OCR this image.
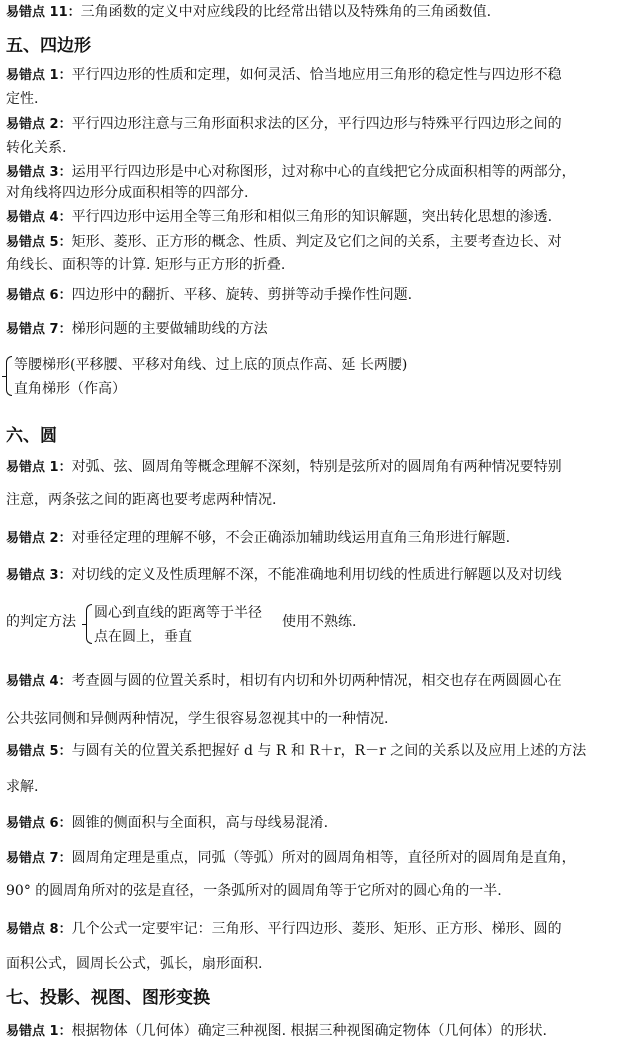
易错点 11：三角函数的定义中对应线段的比经常出错以及特殊角的三角函数值.
五、四边形
易错点 1：平行四边形的性质和定理，如何灵活、恰当地应用三角形的稳定性与四边形不稳
定性.
易错点 2：平行四边形注意与三角形面积求法的区分，平行四边形与特殊平行四边形之间的
转化关系.
易错点 3：运用平行四边形是中心对称图形，过对称中心的直线把它分成面积相等的两部分，
对角线将四边形分成面积相等的四部分.
易错点 4：平行四边形中运用全等三角形和相似三角形的知识解题，突出转化思想的渗透.
易错点 5：矩形、菱形、正方形的概念、性质、判定及它们之间的关系，主要考查边长、对
角线长、面积等的计算. 矩形与正方形的折叠.
易错点 6：四边形中的翻折、平移、旋转、剪拼等动手操作性问题.
易错点 7：梯形问题的主要做辅助线的方法
等腰梯形(平移腰、平移对角线、过上底的顶点作高、延 长两腰)
直角梯形（作高）
六、圆
易错点 1：对弧、弦、圆周角等概念理解不深刻，特别是弦所对的圆周角有两种情况要特别
注意，两条弦之间的距离也要考虑两种情况.
易错点 2：对垂径定理的理解不够，不会正确添加辅助线运用直角三角形进行解题.
易错点 3：对切线的定义及性质理解不深，不能准确地利用切线的性质进行解题以及对切线
的判定方法
圆心到直线的距离等于半径
点在圆上，垂直
使用不熟练.
易错点 4：考查圆与圆的位置关系时，相切有内切和外切两种情况，相交也存在两圆圆心在
公共弦同侧和异侧两种情况，学生很容易忽视其中的一种情况.
易错点 5：与圆有关的位置关系把握好 d 与 R 和 R＋r，R－r 之间的关系以及应用上述的方法
求解.
易错点 6：圆锥的侧面积与全面积，高与母线易混淆.
易错点 7：圆周角定理是重点，同弧（等弧）所对的圆周角相等，直径所对的圆周角是直角，
90° 的圆周角所对的弦是直径，一条弧所对的圆周角等于它所对的圆心角的一半.
易错点 8：几个公式一定要牢记：三角形、平行四边形、菱形、矩形、正方形、梯形、圆的
面积公式，圆周长公式，弧长，扇形面积.
七、投影、视图、图形变换
易错点 1：根据物体（几何体）确定三种视图. 根据三种视图确定物体（几何体）的形状.
